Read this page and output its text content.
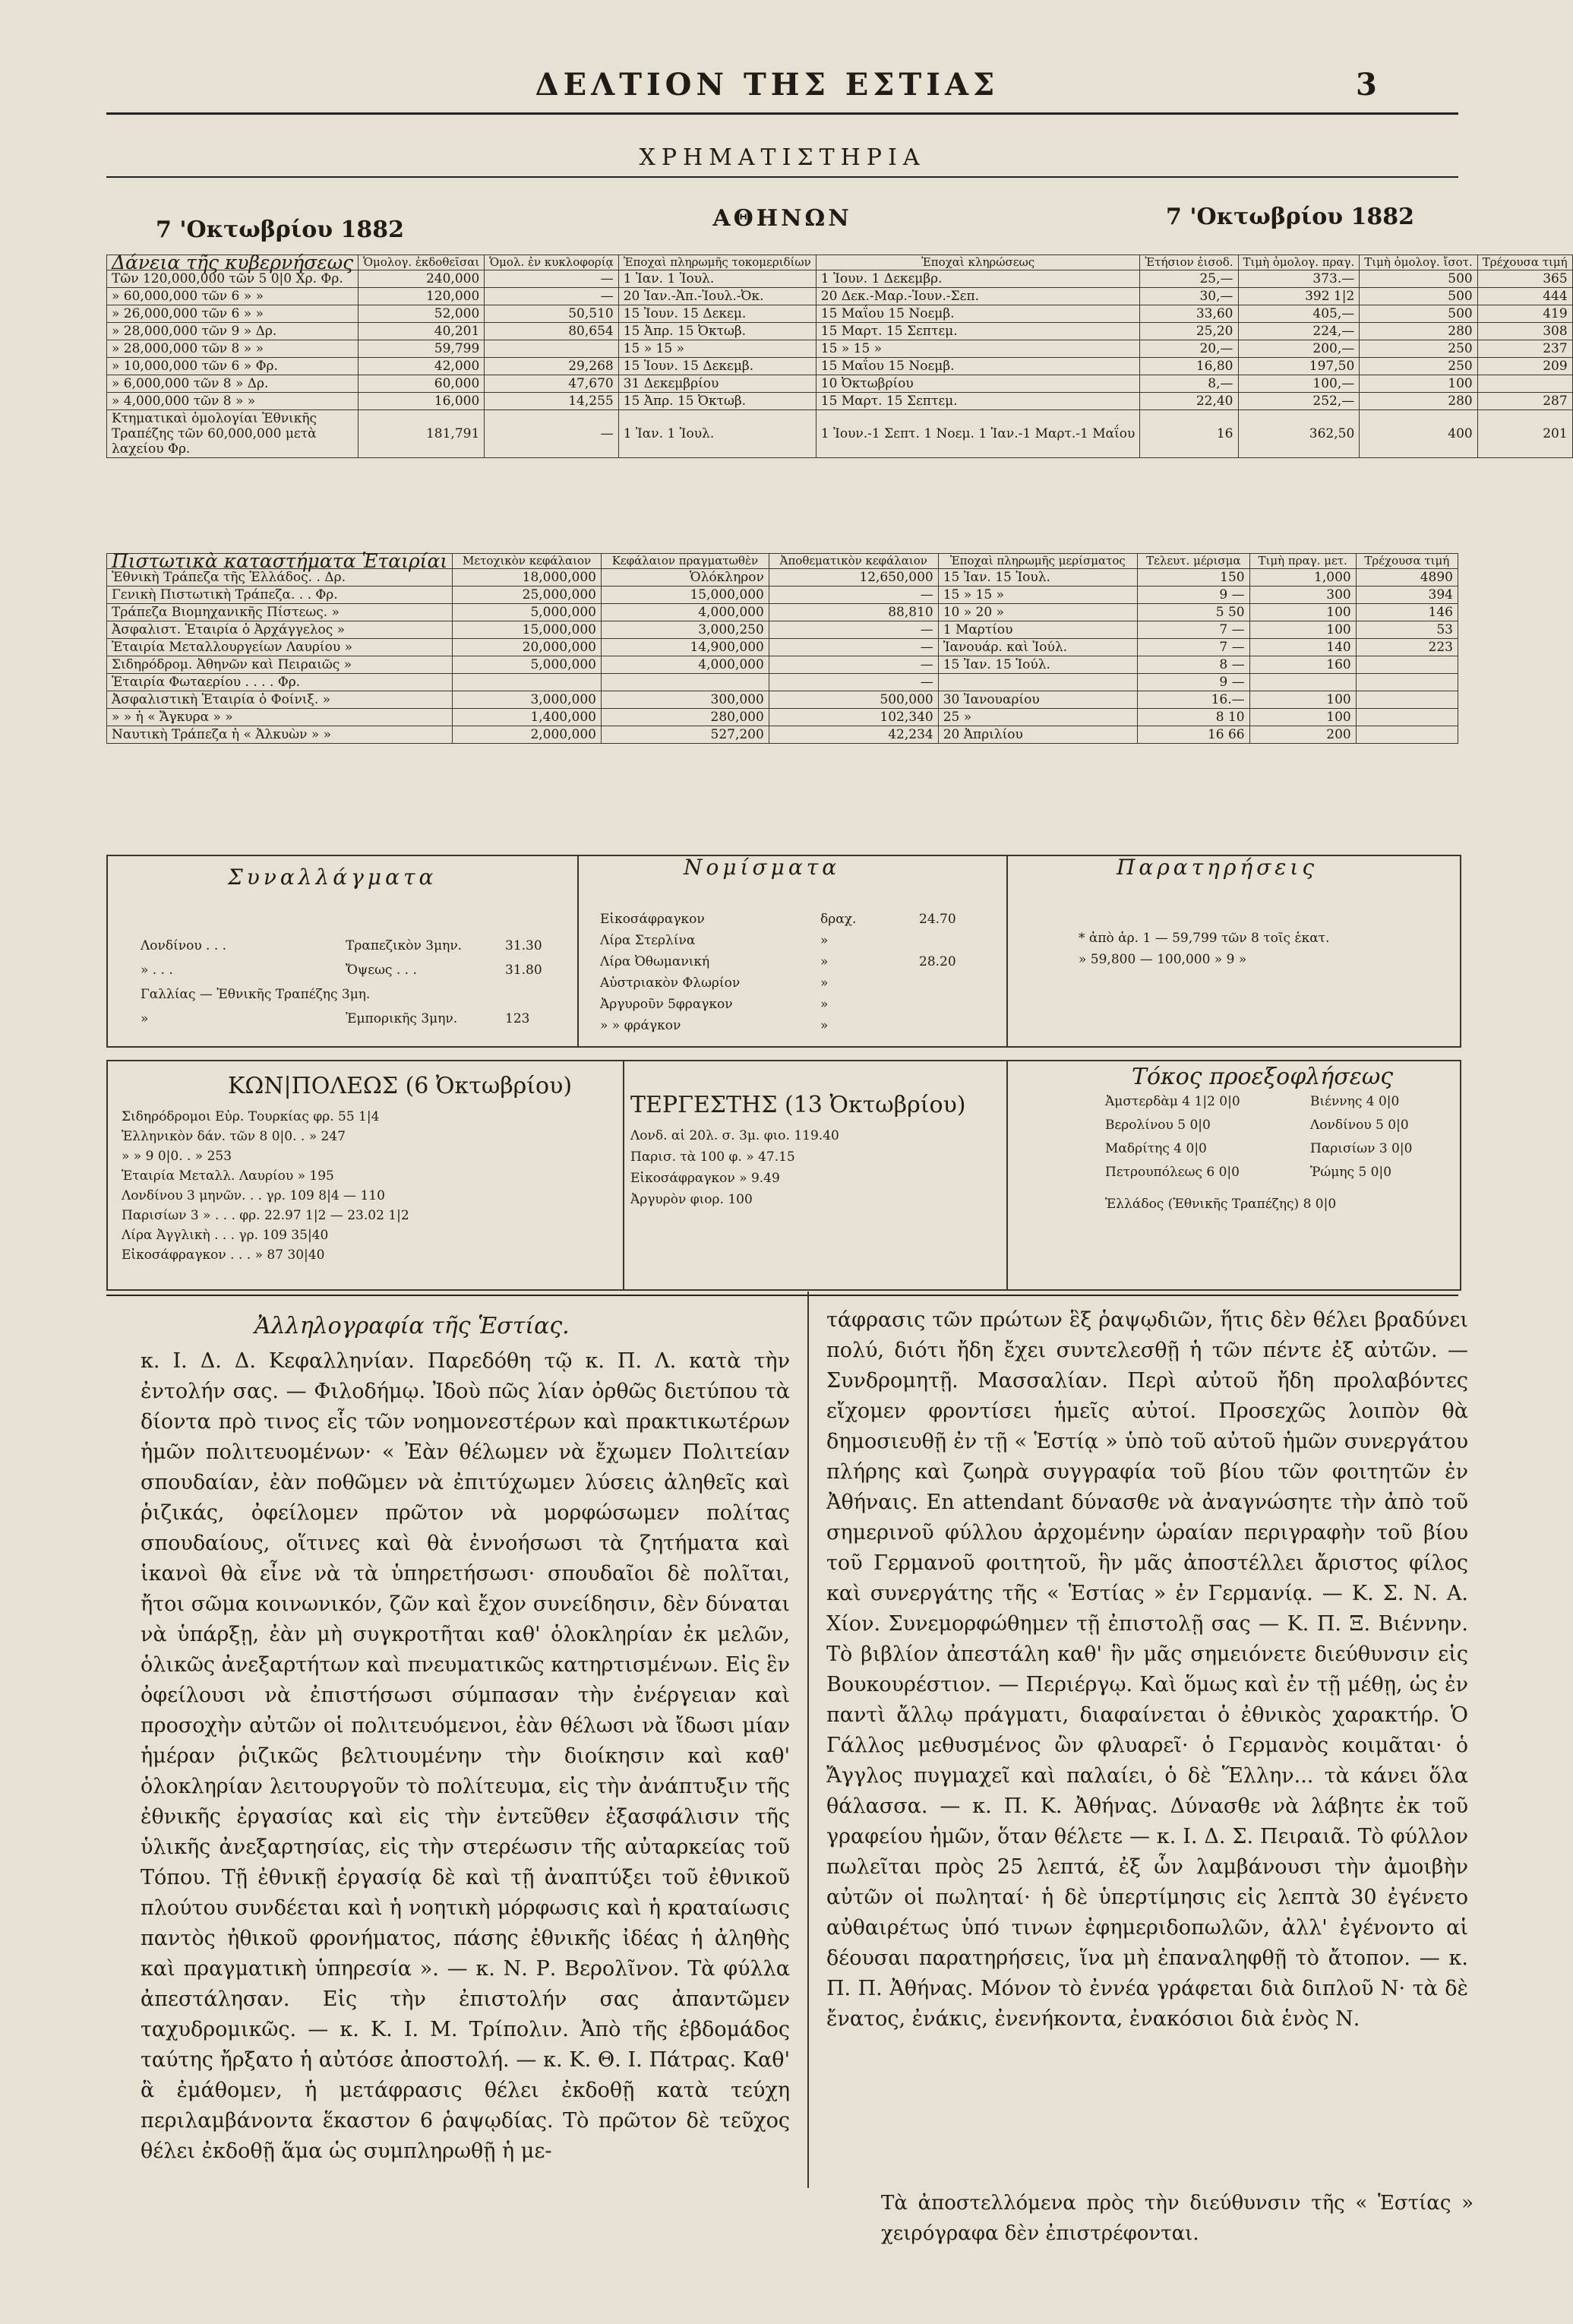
ΔΕΛΤΙΟΝ ΤΗΣ ΕΣΤΙΑΣ	3
ΧΡΗΜΑΤΙΣΤΗΡΙΑ
7 'Οκτωβρίου 1882	ΑΘΗΝΩΝ	7 'Οκτωβρίου 1882
Δάνεια τῆς κυβερνήσεως	Ὁμολογ. ἐκδοθεῖσαι	Ὁμολ. ἐν κυκλοφορίᾳ	Ἐποχαὶ πληρωμῆς τοκομεριδίων	Ἐποχαὶ κληρώσεως	Ἐτήσιον ἐισοδ.	Τιμὴ ὁμολογ. πραγ.	Τιμὴ ὁμολογ. ἴσοτ.	Τρέχουσα τιμή
Τῶν 120,000,000 τῶν 5 0|0 Χρ. Φρ.	240,000	—	1 Ἰαν. 1 Ἰουλ.	1 Ἰουν. 1 Δεκεμβρ.	25,—	373.—	500	365
» 60,000,000 τῶν 6 » »	120,000	—	20 Ἰαν.-Ἀπ.-Ἰουλ.-Ὀκ.	20 Δεκ.-Μαρ.-Ἰουν.-Σεπ.	30,—	392 1|2	500	444
» 26,000,000 τῶν 6 » »	52,000	50,510	15 Ἰουν. 15 Δεκεμ.	15 Μαΐου 15 Νοεμβ.	33,60	405,—	500	419
» 28,000,000 τῶν 9 » Δρ.	40,201	80,654	15 Ἀπρ. 15 Ὀκτωβ.	15 Μαρτ. 15 Σεπτεμ.	25,20	224,—	280	308
» 28,000,000 τῶν 8 » »	59,799		15 » 15 »	15 » 15 »	20,—	200,—	250	237
» 10,000,000 τῶν 6 » Φρ.	42,000	29,268	15 Ἰουν. 15 Δεκεμβ.	15 Μαΐου 15 Νοεμβ.	16,80	197,50	250	209
» 6,000,000 τῶν 8 » Δρ.	60,000	47,670	31 Δεκεμβρίου	10 Ὀκτωβρίου	8,—	100,—	100	
» 4,000,000 τῶν 8 » »	16,000	14,255	15 Ἀπρ. 15 Ὀκτωβ.	15 Μαρτ. 15 Σεπτεμ.	22,40	252,—	280	287
Κτηματικαὶ ὁμολογίαι Ἐθνικῆς Τραπέζης τῶν 60,000,000 μετὰ λαχείου Φρ.	181,791	—	1 Ἰαν. 1 Ἰουλ.	1 Ἰουν.-1 Σεπτ. 1 Νοεμ. 1 Ἰαν.-1 Μαρτ.-1 Μαΐου	16	362,50	400	201
Πιστωτικὰ καταστήματα Ἑταιρίαι	Μετοχικὸν κεφάλαιον	Κεφάλαιον πραγματωθὲν	Ἀποθεματικὸν κεφάλαιον	Ἐποχαὶ πληρωμῆς μερίσματος	Τελευτ. μέρισμα	Τιμὴ πραγ. μετ.	Τρέχουσα τιμή
Ἐθνικὴ Τράπεζα τῆς Ἑλλάδος. . Δρ.	18,000,000	Ὁλόκληρον	12,650,000	15 Ἰαν. 15 Ἰουλ.	150	1,000	4890
Γενικὴ Πιστωτικὴ Τράπεζα. . . Φρ.	25,000,000	15,000,000	—	15 » 15 »	9 —	300	394
Τράπεζα Βιομηχανικῆς Πίστεως. »	5,000,000	4,000,000	88,810	10 » 20 »	5 50	100	146
Ἀσφαλιστ. Ἑταιρία ὁ Ἀρχάγγελος »	15,000,000	3,000,250	—	1 Μαρτίου	7 —	100	53
Ἑταιρία Μεταλλουργείων Λαυρίου »	20,000,000	14,900,000	—	Ἰανουάρ. καὶ Ἰούλ.	7 —	140	223
Σιδηρόδρομ. Ἀθηνῶν καὶ Πειραιῶς »	5,000,000	4,000,000	—	15 Ἰαν. 15 Ἰούλ.	8 —	160	
Ἑταιρία Φωταερίου . . . . Φρ.			—		9 —		
Ἀσφαλιστικὴ Ἑταιρία ὁ Φοίνιξ. »	3,000,000	300,000	500,000	30 Ἰανουαρίου	16.—	100	
» » ἡ « Ἄγκυρα » »	1,400,000	280,000	102,340	25 »	8 10	100	
Ναυτικὴ Τράπεζα ἡ « Ἀλκυὼν » »	2,000,000	527,200	42,234	20 Ἀπριλίου	16 66	200	
Συναλλάγματα
Λονδίνου . . .	Τραπεζικὸν 3μην.	31.30
» . . .	Ὄψεως . . .	31.80
Γαλλίας — Ἐθνικῆς Τραπέζης 3μη.
»	Ἐμπορικῆς 3μην.	123
Νομίσματα
Εἰκοσάφραγκον	δραχ.	24.70
Λίρα Στερλίνα	»
Λίρα Ὀθωμανική	»	28.20
Αὐστριακὸν Φλωρίον	»
Ἀργυροῦν 5φραγκον	»
» » φράγκον	»
Παρατηρήσεις
* ἀπὸ ἀρ. 1 — 59,799 τῶν 8 τοῖς ἑκατ.
» 59,800 — 100,000 » 9 »
ΚΩΝ|ΠΟΛΕΩΣ (6 Ὀκτωβρίου)
Σιδηρόδρομοι Εὐρ. Τουρκίας φρ. 55 1|4
Ἑλληνικὸν δάν. τῶν 8 0|0. . » 247
» » 9 0|0. . » 253
Ἑταιρία Μεταλλ. Λαυρίου » 195
Λονδίνου 3 μηνῶν. . . γρ. 109 8|4 — 110
Παρισίων 3 » . . . φρ. 22.97 1|2 — 23.02 1|2
Λίρα Ἀγγλικὴ . . . γρ. 109 35|40
Εἰκοσάφραγκον . . . » 87 30|40
ΤΕΡΓΕΣΤΗΣ (13 Ὀκτωβρίου)
Λονδ. αἱ 20λ. σ. 3μ. φιο. 119.40
Παρισ. τὰ 100 φ. » 47.15
Εἰκοσάφραγκον » 9.49
Ἀργυρὸν φιορ. 100
Τόκος προεξοφλήσεως
Ἀμστερδὰμ 4 1|2 0|0	Βιέννης 4 0|0
Βερολίνου 5 0|0	Λονδίνου 5 0|0
Μαδρίτης 4 0|0	Παρισίων 3 0|0
Πετρουπόλεως 6 0|0	Ῥώμης 5 0|0
Ἑλλάδος (Ἐθνικῆς Τραπέζης) 8 0|0
Ἀλληλογραφία τῆς Ἑστίας.

κ. Ι. Δ. Δ. Κεφαλληνίαν. Παρεδόθη τῷ κ. Π. Λ. κατὰ τὴν ἐντολήν σας. — Φιλοδήμῳ. Ἰδοὺ πῶς λίαν ὀρθῶς διετύπου τὰ δίοντα πρὸ τινος εἷς τῶν νοημονεστέρων καὶ πρακτικωτέρων ἡμῶν πολιτευομένων· « Ἐὰν θέλωμεν νὰ ἔχωμεν Πολιτείαν σπουδαίαν, ἐὰν ποθῶμεν νὰ ἐπιτύχωμεν λύσεις ἀληθεῖς καὶ ῥιζικάς, ὀφείλομεν πρῶτον νὰ μορφώσωμεν πολίτας σπουδαίους, οἵτινες καὶ θὰ ἐννοήσωσι τὰ ζητήματα καὶ ἱκανοὶ θὰ εἶνε νὰ τὰ ὑπηρετήσωσι· σπουδαῖοι δὲ πολῖται, ἤτοι σῶμα κοινωνικόν, ζῶν καὶ ἔχον συνείδησιν, δὲν δύναται νὰ ὑπάρξῃ, ἐὰν μὴ συγκροτῆται καθ' ὁλοκληρίαν ἐκ μελῶν, ὁλικῶς ἀνεξαρτήτων καὶ πνευματικῶς κατηρτισμένων. Εἰς ἓν ὀφείλουσι νὰ ἐπιστήσωσι σύμπασαν τὴν ἐνέργειαν καὶ προσοχὴν αὐτῶν οἱ πολιτευόμενοι, ἐὰν θέλωσι νὰ ἴδωσι μίαν ἡμέραν ῥιζικῶς βελτιουμένην τὴν διοίκησιν καὶ καθ' ὁλοκληρίαν λειτουργοῦν τὸ πολίτευμα, εἰς τὴν ἀνάπτυξιν τῆς ἐθνικῆς ἐργασίας καὶ εἰς τὴν ἐντεῦθεν ἐξασφάλισιν τῆς ὑλικῆς ἀνεξαρτησίας, εἰς τὴν στερέωσιν τῆς αὐταρκείας τοῦ Τόπου. Τῇ ἐθνικῇ ἐργασίᾳ δὲ καὶ τῇ ἀναπτύξει τοῦ ἐθνικοῦ πλούτου συνδέεται καὶ ἡ νοητικὴ μόρφωσις καὶ ἡ κραταίωσις παντὸς ἠθικοῦ φρονήματος, πάσης ἐθνικῆς ἰδέας ἡ ἀληθὴς καὶ πραγματικὴ ὑπηρεσία ». — κ. Ν. Ρ. Βερολῖνον. Τὰ φύλλα ἀπεστάλησαν. Εἰς τὴν ἐπιστολήν σας ἀπαντῶμεν ταχυδρομικῶς. — κ. Κ. Ι. Μ. Τρίπολιν. Ἀπὸ τῆς ἑβδομάδος ταύτης ἤρξατο ἡ αὐτόσε ἀποστολή. — κ. Κ. Θ. Ι. Πάτρας. Καθ' ἃ ἐμάθομεν, ἡ μετάφρασις θέλει ἐκδοθῇ κατὰ τεύχη περιλαμβάνοντα ἕκαστον 6 ῥαψῳδίας. Τὸ πρῶτον δὲ τεῦχος θέλει ἐκδοθῇ ἅμα ὡς συμπληρωθῇ ἡ με-

τάφρασις τῶν πρώτων ἓξ ῥαψῳδιῶν, ἥτις δὲν θέλει βραδύνει πολύ, διότι ἤδη ἔχει συντελεσθῇ ἡ τῶν πέντε ἐξ αὐτῶν. — Συνδρομητῇ. Μασσαλίαν. Περὶ αὐτοῦ ἤδη προλαβόντες εἴχομεν φροντίσει ἡμεῖς αὐτοί. Προσεχῶς λοιπὸν θὰ δημοσιευθῇ ἐν τῇ « Ἑστίᾳ » ὑπὸ τοῦ αὐτοῦ ἡμῶν συνεργάτου πλήρης καὶ ζωηρὰ συγγραφία τοῦ βίου τῶν φοιτητῶν ἐν Ἀθήναις. En attendant δύνασθε νὰ ἀναγνώσητε τὴν ἀπὸ τοῦ σημερινοῦ φύλλου ἀρχομένην ὡραίαν περιγραφὴν τοῦ βίου τοῦ Γερμανοῦ φοιτητοῦ, ἣν μᾶς ἀποστέλλει ἄριστος φίλος καὶ συνεργάτης τῆς « Ἑστίας » ἐν Γερμανίᾳ. — Κ. Σ. Ν. Α. Χίον. Συνεμορφώθημεν τῇ ἐπιστολῇ σας — Κ. Π. Ξ. Βιέννην. Τὸ βιβλίον ἀπεστάλη καθ' ἣν μᾶς σημειόνετε διεύθυνσιν εἰς Βουκουρέστιον. — Περιέργῳ. Καὶ ὅμως καὶ ἐν τῇ μέθῃ, ὡς ἐν παντὶ ἄλλῳ πράγματι, διαφαίνεται ὁ ἐθνικὸς χαρακτήρ. Ὁ Γάλλος μεθυσμένος ὢν φλυαρεῖ· ὁ Γερμανὸς κοιμᾶται· ὁ Ἄγγλος πυγμαχεῖ καὶ παλαίει, ὁ δὲ Ἕλλην... τὰ κάνει ὅλα θάλασσα. — κ. Π. Κ. Ἀθήνας. Δύνασθε νὰ λάβητε ἐκ τοῦ γραφείου ἡμῶν, ὅταν θέλετε — κ. Ι. Δ. Σ. Πειραιᾶ. Τὸ φύλλον πωλεῖται πρὸς 25 λεπτά, ἐξ ὧν λαμβάνουσι τὴν ἀμοιβὴν αὐτῶν οἱ πωληταί· ἡ δὲ ὑπερτίμησις εἰς λεπτὰ 30 ἐγένετο αὐθαιρέτως ὑπό τινων ἐφημεριδοπωλῶν, ἀλλ' ἐγένοντο αἱ δέουσαι παρατηρήσεις, ἵνα μὴ ἐπαναληφθῇ τὸ ἄτοπον. — κ. Π. Π. Ἀθήνας. Μόνον τὸ ἐννέα γράφεται διὰ διπλοῦ Ν· τὰ δὲ ἔνατος, ἐνάκις, ἐνενήκοντα, ἐνακόσιοι διὰ ἑνὸς Ν.

Τὰ ἀποστελλόμενα πρὸς τὴν διεύθυνσιν τῆς « Ἑστίας » χειρόγραφα δὲν ἐπιστρέφονται.
